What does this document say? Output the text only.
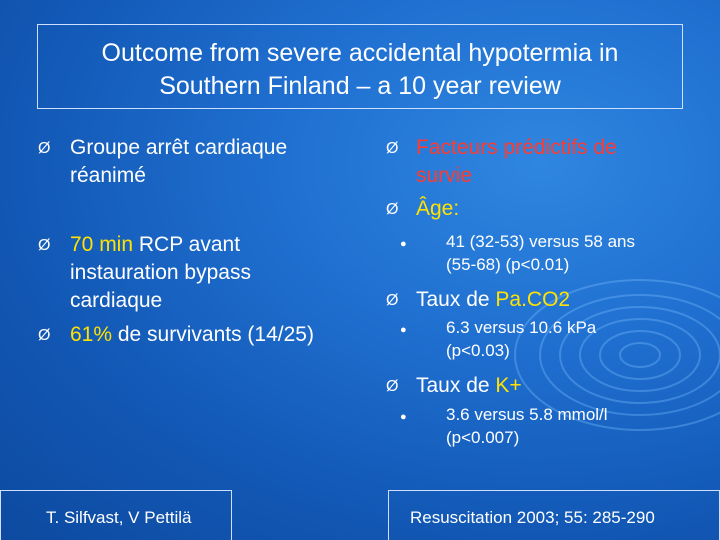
Outcome from severe accidental hypotermia in
Southern Finland – a 10 year review
Ø Groupe arrêt cardiaque
réanimé
Ø 70 min RCP avant
instauration bypass
cardiaque
Ø 61% de survivants (14/25)
Ø Facteurs prédictifs de
survie
Ø Âge:
● 41 (32-53) versus 58 ans
(55-68) (p<0.01)
Ø Taux de Pa.CO2
● 6.3 versus 10.6 kPa
(p<0.03)
Ø Taux de K+
● 3.6 versus 5.8 mmol/l
(p<0.007)
T. Silfvast, V Pettilä	Resuscitation 2003; 55: 285-290
